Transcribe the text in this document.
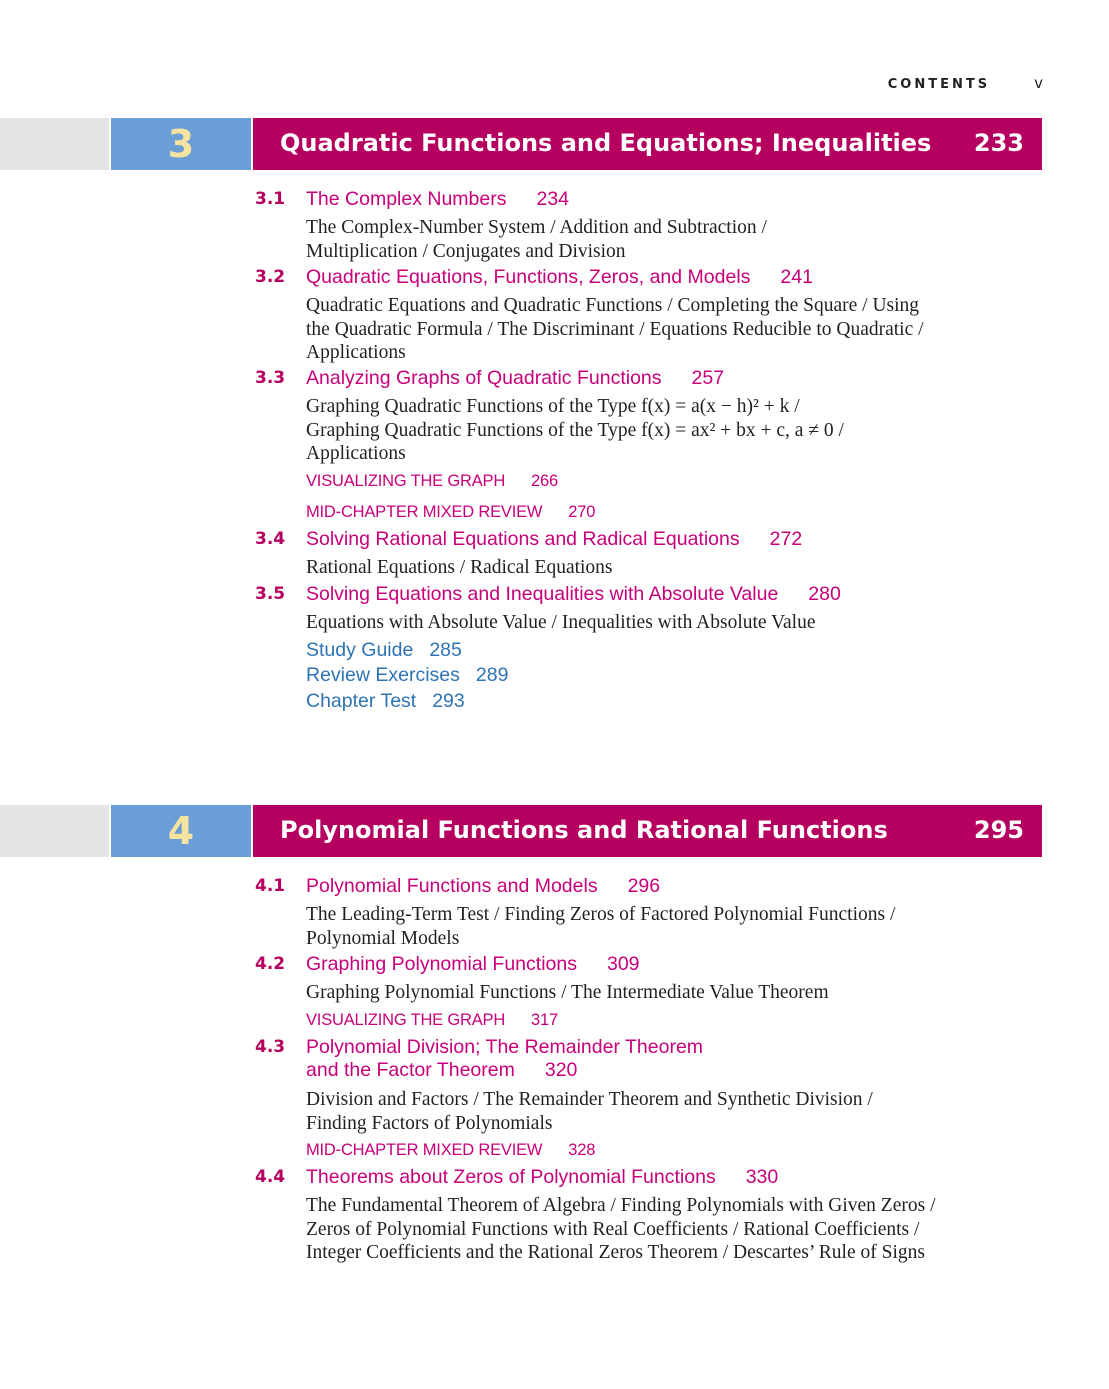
CONTENTS	v
3	Quadratic Functions and Equations; Inequalities 233
3.1 The Complex Numbers 234
The Complex-Number System / Addition and Subtraction / Multiplication / Conjugates and Division
3.2 Quadratic Equations, Functions, Zeros, and Models 241
Quadratic Equations and Quadratic Functions / Completing the Square / Using the Quadratic Formula / The Discriminant / Equations Reducible to Quadratic / Applications
3.3 Analyzing Graphs of Quadratic Functions 257
Graphing Quadratic Functions of the Type f(x) = a(x − h)² + k /
Graphing Quadratic Functions of the Type f(x) = ax² + bx + c, a ≠ 0 /
Applications
VISUALIZING THE GRAPH 266
MID-CHAPTER MIXED REVIEW 270
3.4 Solving Rational Equations and Radical Equations 272
Rational Equations / Radical Equations
3.5 Solving Equations and Inequalities with Absolute Value 280
Equations with Absolute Value / Inequalities with Absolute Value
Study Guide 285
Review Exercises 289
Chapter Test 293
4	Polynomial Functions and Rational Functions	295
4.1 Polynomial Functions and Models 296
The Leading-Term Test / Finding Zeros of Factored Polynomial Functions / Polynomial Models
4.2 Graphing Polynomial Functions 309
Graphing Polynomial Functions / The Intermediate Value Theorem
VISUALIZING THE GRAPH 317
4.3 Polynomial Division; The Remainder Theorem
and the Factor Theorem 320
Division and Factors / The Remainder Theorem and Synthetic Division / Finding Factors of Polynomials
MID-CHAPTER MIXED REVIEW 328
4.4 Theorems about Zeros of Polynomial Functions 330
The Fundamental Theorem of Algebra / Finding Polynomials with Given Zeros / Zeros of Polynomial Functions with Real Coefficients / Rational Coefficients / Integer Coefficients and the Rational Zeros Theorem / Descartes’ Rule of Signs
